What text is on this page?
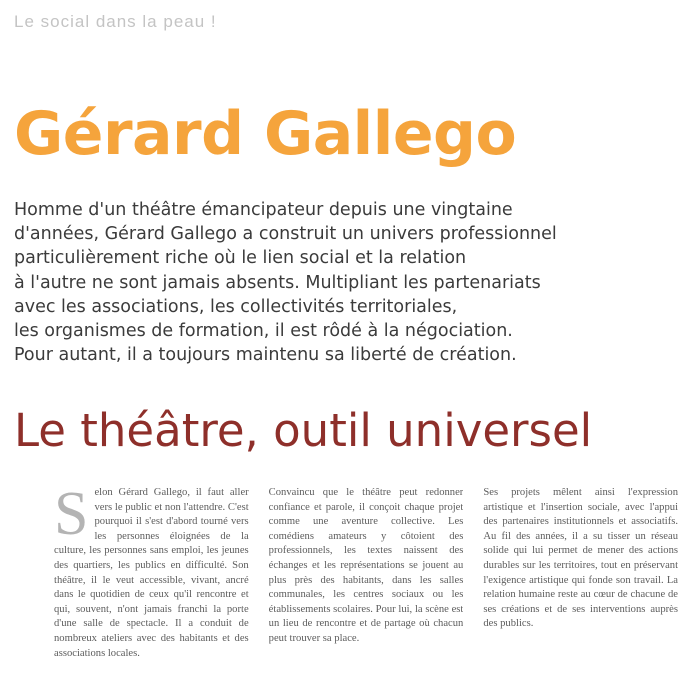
Le social dans la peau !
Gérard Gallego
Homme d'un théâtre émancipateur depuis une vingtaine
d'années, Gérard Gallego a construit un univers professionnel
particulièrement riche où le lien social et la relation
à l'autre ne sont jamais absents. Multipliant les partenariats
avec les associations, les collectivités territoriales,
les organismes de formation, il est rôdé à la négociation.
Pour autant, il a toujours maintenu sa liberté de création.
Le théâtre, outil universel
S elon Gérard Gallego, il faut aller vers le public et non l'attendre. C'est pourquoi il s'est d'abord tourné vers les personnes éloignées de la culture, les personnes sans emploi, les jeunes des quartiers, les publics en difficulté. Son théâtre, il le veut accessible, vivant, ancré dans le quotidien de ceux qu'il rencontre et qui, souvent, n'ont jamais franchi la porte d'une salle de spectacle. Il a conduit de nombreux ateliers avec des habitants et des associations locales.
Convaincu que le théâtre peut redonner confiance et parole, il conçoit chaque projet comme une aventure collective. Les comédiens amateurs y côtoient des professionnels, les textes naissent des échanges et les représentations se jouent au plus près des habitants, dans les salles communales, les centres sociaux ou les établissements scolaires. Pour lui, la scène est un lieu de rencontre et de partage où chacun peut trouver sa place.
Ses projets mêlent ainsi l'expression artistique et l'insertion sociale, avec l'appui des partenaires institutionnels et associatifs. Au fil des années, il a su tisser un réseau solide qui lui permet de mener des actions durables sur les territoires, tout en préservant l'exigence artistique qui fonde son travail. La relation humaine reste au cœur de chacune de ses créations et de ses interventions auprès des publics.
